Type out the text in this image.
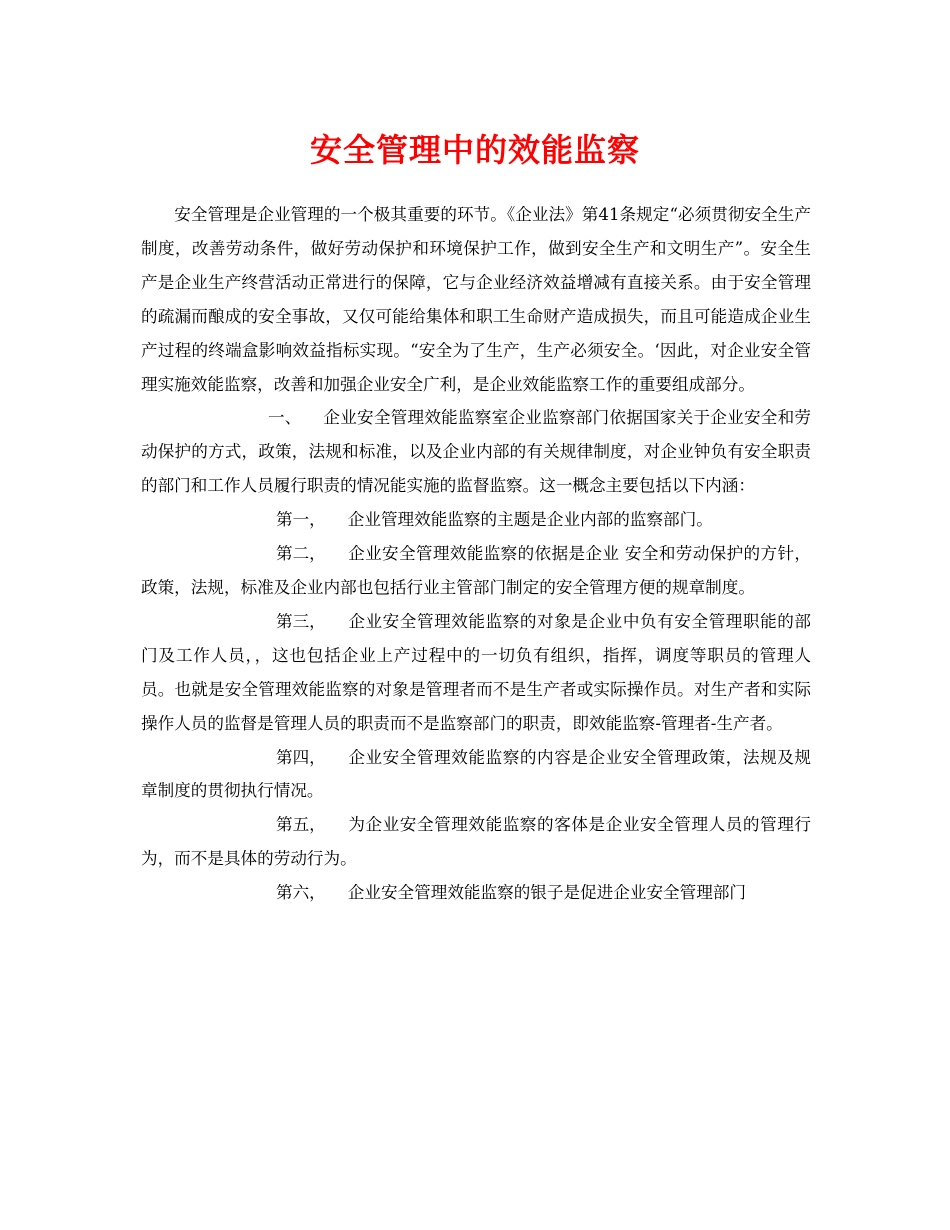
安全管理中的效能监察

安全管理是企业管理的一个极其重要的环节。《企业法》第41条规定“必须贯彻安全生产制度，改善劳动条件，做好劳动保护和环境保护工作，做到安全生产和文明生产”。安全生产是企业生产终营活动正常进行的保障，它与企业经济效益增减有直接关系。由于安全管理的疏漏而酿成的安全事故，又仅可能给集体和职工生命财产造成损失，而且可能造成企业生产过程的终端盒影响效益指标实现。“安全为了生产，生产必须安全。‘因此，对企业安全管理实施效能监察，改善和加强企业安全广利，是企业效能监察工作的重要组成部分。

一、 企业安全管理效能监察室企业监察部门依据国家关于企业安全和劳动保护的方式，政策，法规和标准，以及企业内部的有关规律制度，对企业钟负有安全职责的部门和工作人员履行职责的情况能实施的监督监察。这一概念主要包括以下内涵：

第一， 企业管理效能监察的主题是企业内部的监察部门。

第二， 企业安全管理效能监察的依据是企业 安全和劳动保护的方针，政策，法规，标准及企业内部也包括行业主管部门制定的安全管理方便的规章制度。

第三， 企业安全管理效能监察的对象是企业中负有安全管理职能的部门及工作人员，，这也包括企业上产过程中的一切负有组织，指挥，调度等职员的管理人员。也就是安全管理效能监察的对象是管理者而不是生产者或实际操作员。对生产者和实际操作人员的监督是管理人员的职责而不是监察部门的职责，即效能监察-管理者-生产者。

第四， 企业安全管理效能监察的内容是企业安全管理政策，法规及规章制度的贯彻执行情况。

第五， 为企业安全管理效能监察的客体是企业安全管理人员的管理行为，而不是具体的劳动行为。

第六， 企业安全管理效能监察的银子是促进企业安全管理部门
